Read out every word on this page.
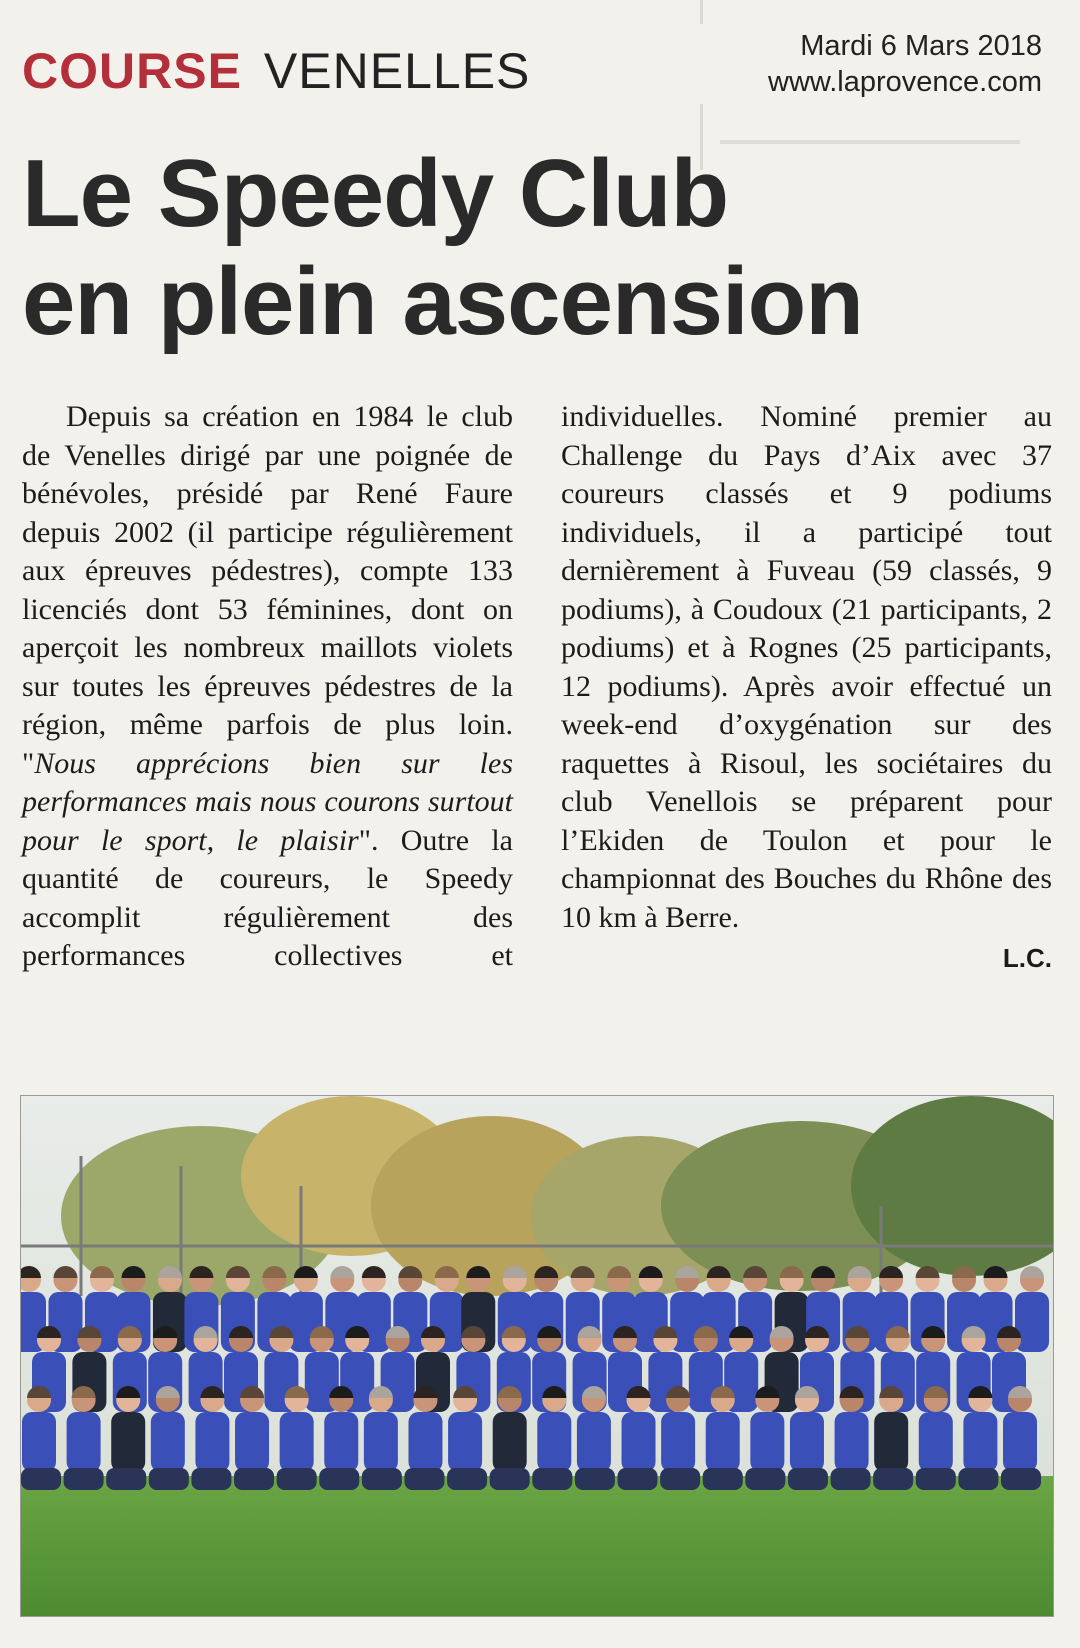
COURSE VENELLES	Mardi 6 Mars 2018
www.laprovence.com
Le Speedy Club
en plein ascension

Depuis sa création en 1984 le club de Venelles dirigé par une poignée de bénévoles, présidé par René Faure depuis 2002 (il participe régulièrement aux épreuves pédestres), compte 133 licenciés dont 53 féminines, dont on aperçoit les nombreux maillots violets sur toutes les épreuves pédestres de la région, même parfois de plus loin. "Nous apprécions bien sur les performances mais nous courons surtout pour le sport, le plaisir". Outre la quantité de coureurs, le Speedy accomplit régulièrement des performances collectives et individuelles. Nominé premier au Challenge du Pays d’Aix avec 37 coureurs classés et 9 podiums individuels, il a participé tout dernièrement à Fuveau (59 classés, 9 podiums), à Coudoux (21 participants, 2 podiums) et à Rognes (25 participants, 12 podiums). Après avoir effectué un week-end d’oxygénation sur des raquettes à Risoul, les sociétaires du club Venellois se préparent pour l’Ekiden de Toulon et pour le championnat des Bouches du Rhône des 10 km à Berre.

L.C.
